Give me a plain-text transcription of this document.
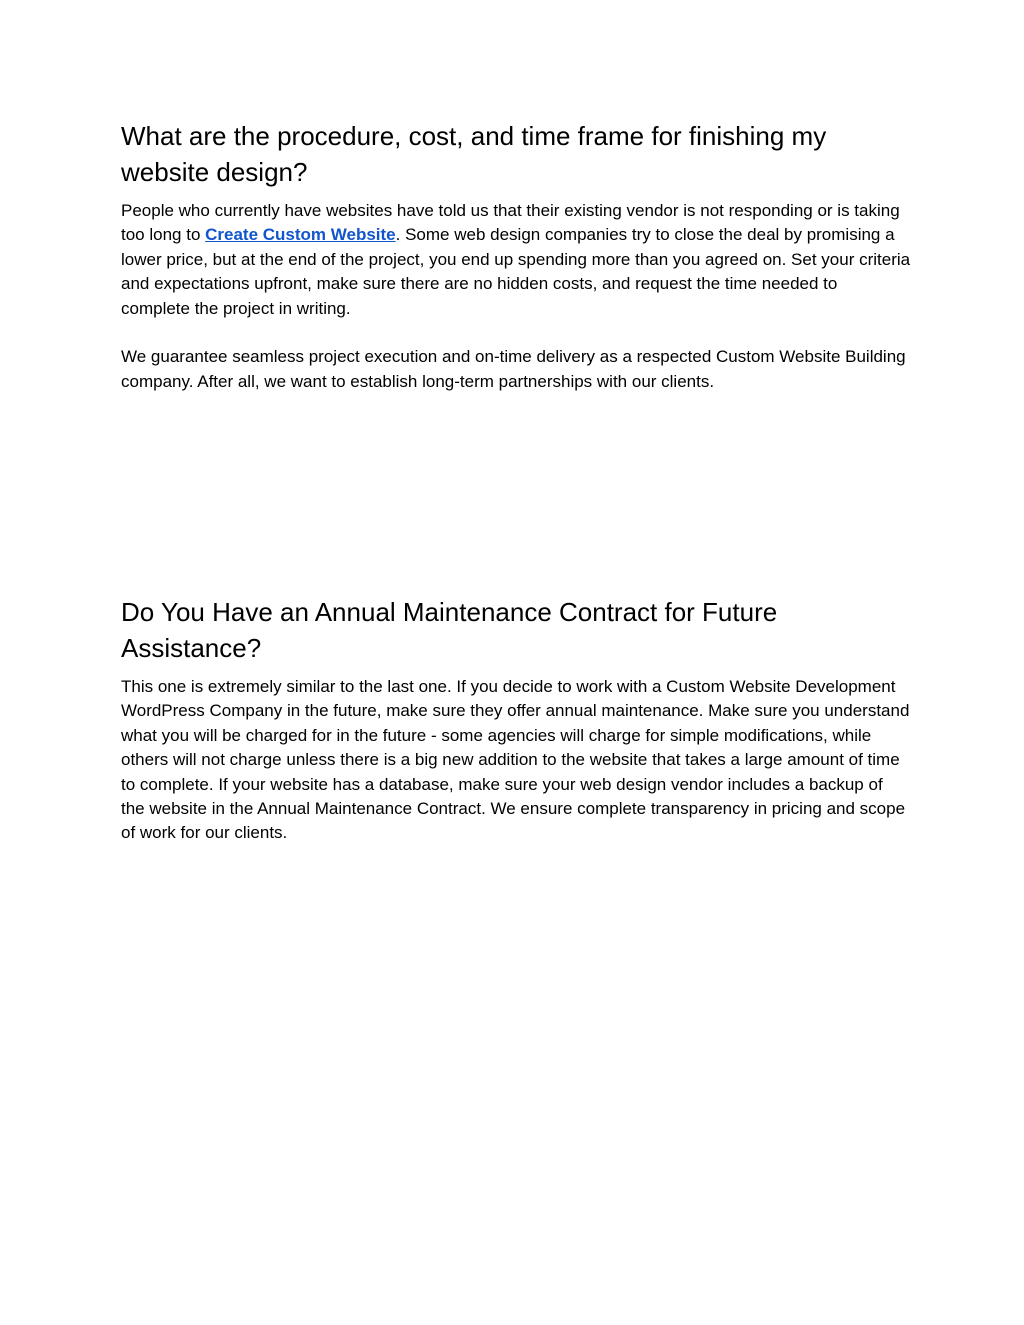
What are the procedure, cost, and time frame for finishing my website design?

People who currently have websites have told us that their existing vendor is not responding or is taking too long to Create Custom Website. Some web design companies try to close the deal by promising a lower price, but at the end of the project, you end up spending more than you agreed on. Set your criteria and expectations upfront, make sure there are no hidden costs, and request the time needed to complete the project in writing.

We guarantee seamless project execution and on-time delivery as a respected Custom Website Building company. After all, we want to establish long-term partnerships with our clients.

Do You Have an Annual Maintenance Contract for Future Assistance?

This one is extremely similar to the last one. If you decide to work with a Custom Website Development WordPress Company in the future, make sure they offer annual maintenance. Make sure you understand what you will be charged for in the future - some agencies will charge for simple modifications, while others will not charge unless there is a big new addition to the website that takes a large amount of time to complete. If your website has a database, make sure your web design vendor includes a backup of the website in the Annual Maintenance Contract. We ensure complete transparency in pricing and scope of work for our clients.
